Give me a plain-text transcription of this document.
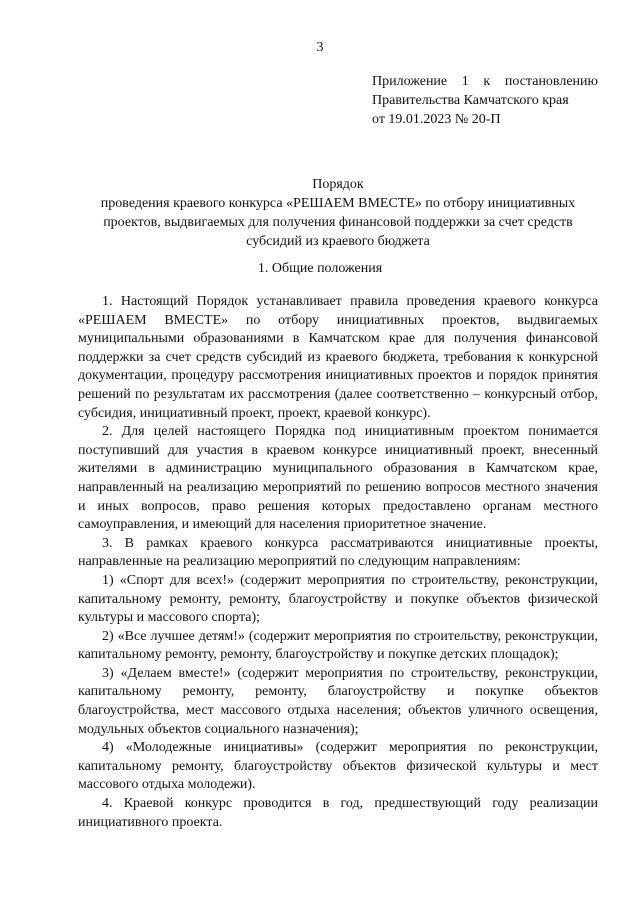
3
Приложение 1 к постановлению
Правительства Камчатского края
от 19.01.2023 № 20-П
Порядок
проведения краевого конкурса «РЕШАЕМ ВМЕСТЕ» по отбору инициативных
проектов, выдвигаемых для получения финансовой поддержки за счет средств
субсидий из краевого бюджета
1. Общие положения

1. Настоящий Порядок устанавливает правила проведения краевого конкурса «РЕШАЕМ ВМЕСТЕ» по отбору инициативных проектов, выдвигаемых муниципальными образованиями в Камчатском крае для получения финансовой поддержки за счет средств субсидий из краевого бюджета, требования к конкурсной документации, процедуру рассмотрения инициативных проектов и порядок принятия решений по результатам их рассмотрения (далее соответственно – конкурсный отбор, субсидия, инициативный проект, проект, краевой конкурс).

2. Для целей настоящего Порядка под инициативным проектом понимается поступивший для участия в краевом конкурсе инициативный проект, внесенный жителями в администрацию муниципального образования в Камчатском крае, направленный на реализацию мероприятий по решению вопросов местного значения и иных вопросов, право решения которых предоставлено органам местного самоуправления, и имеющий для населения приоритетное значение.

3. В рамках краевого конкурса рассматриваются инициативные проекты, направленные на реализацию мероприятий по следующим направлениям:

1) «Спорт для всех!» (содержит мероприятия по строительству, реконструкции, капитальному ремонту, ремонту, благоустройству и покупке объектов физической культуры и массового спорта);

2) «Все лучшее детям!» (содержит мероприятия по строительству, реконструкции, капитальному ремонту, ремонту, благоустройству и покупке детских площадок);

3) «Делаем вместе!» (содержит мероприятия по строительству, реконструкции, капитальному ремонту, ремонту, благоустройству и покупке объектов благоустройства, мест массового отдыха населения; объектов уличного освещения, модульных объектов социального назначения);

4) «Молодежные инициативы» (содержит мероприятия по реконструкции, капитальному ремонту, благоустройству объектов физической культуры и мест массового отдыха молодежи).

4. Краевой конкурс проводится в год, предшествующий году реализации инициативного проекта.
